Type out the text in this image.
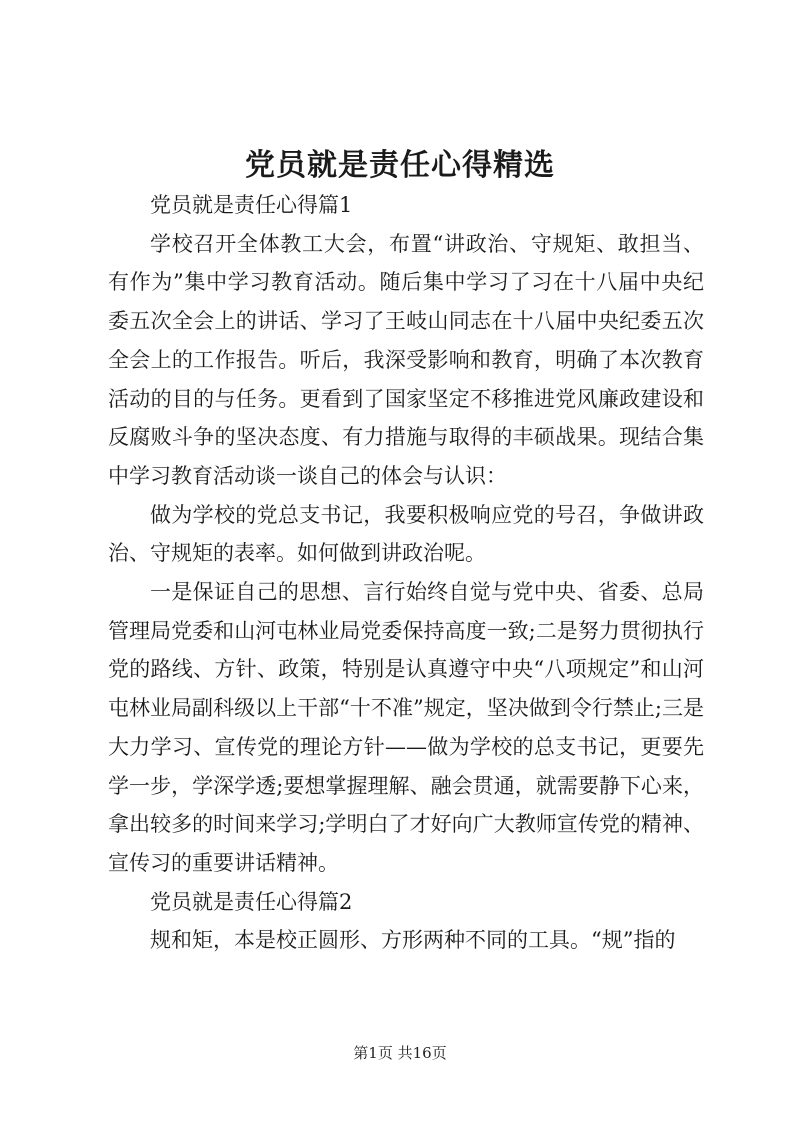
党员就是责任心得精选

党员就是责任心得篇1

学校召开全体教工大会，布置“讲政治、守规矩、敢担当、有作为”集中学习教育活动。随后集中学习了习在十八届中央纪委五次全会上的讲话、学习了王岐山同志在十八届中央纪委五次全会上的工作报告。听后，我深受影响和教育，明确了本次教育活动的目的与任务。更看到了国家坚定不移推进党风廉政建设和反腐败斗争的坚决态度、有力措施与取得的丰硕战果。现结合集中学习教育活动谈一谈自己的体会与认识：

做为学校的党总支书记，我要积极响应党的号召，争做讲政治、守规矩的表率。如何做到讲政治呢。

一是保证自己的思想、言行始终自觉与党中央、省委、总局管理局党委和山河屯林业局党委保持高度一致;二是努力贯彻执行党的路线、方针、政策，特别是认真遵守中央“八项规定”和山河屯林业局副科级以上干部“十不准”规定，坚决做到令行禁止;三是大力学习、宣传党的理论方针——做为学校的总支书记，更要先学一步，学深学透;要想掌握理解、融会贯通，就需要静下心来，拿出较多的时间来学习;学明白了才好向广大教师宣传党的精神、宣传习的重要讲话精神。

党员就是责任心得篇2

规和矩，本是校正圆形、方形两种不同的工具。“规”指的

第1页 共16页
